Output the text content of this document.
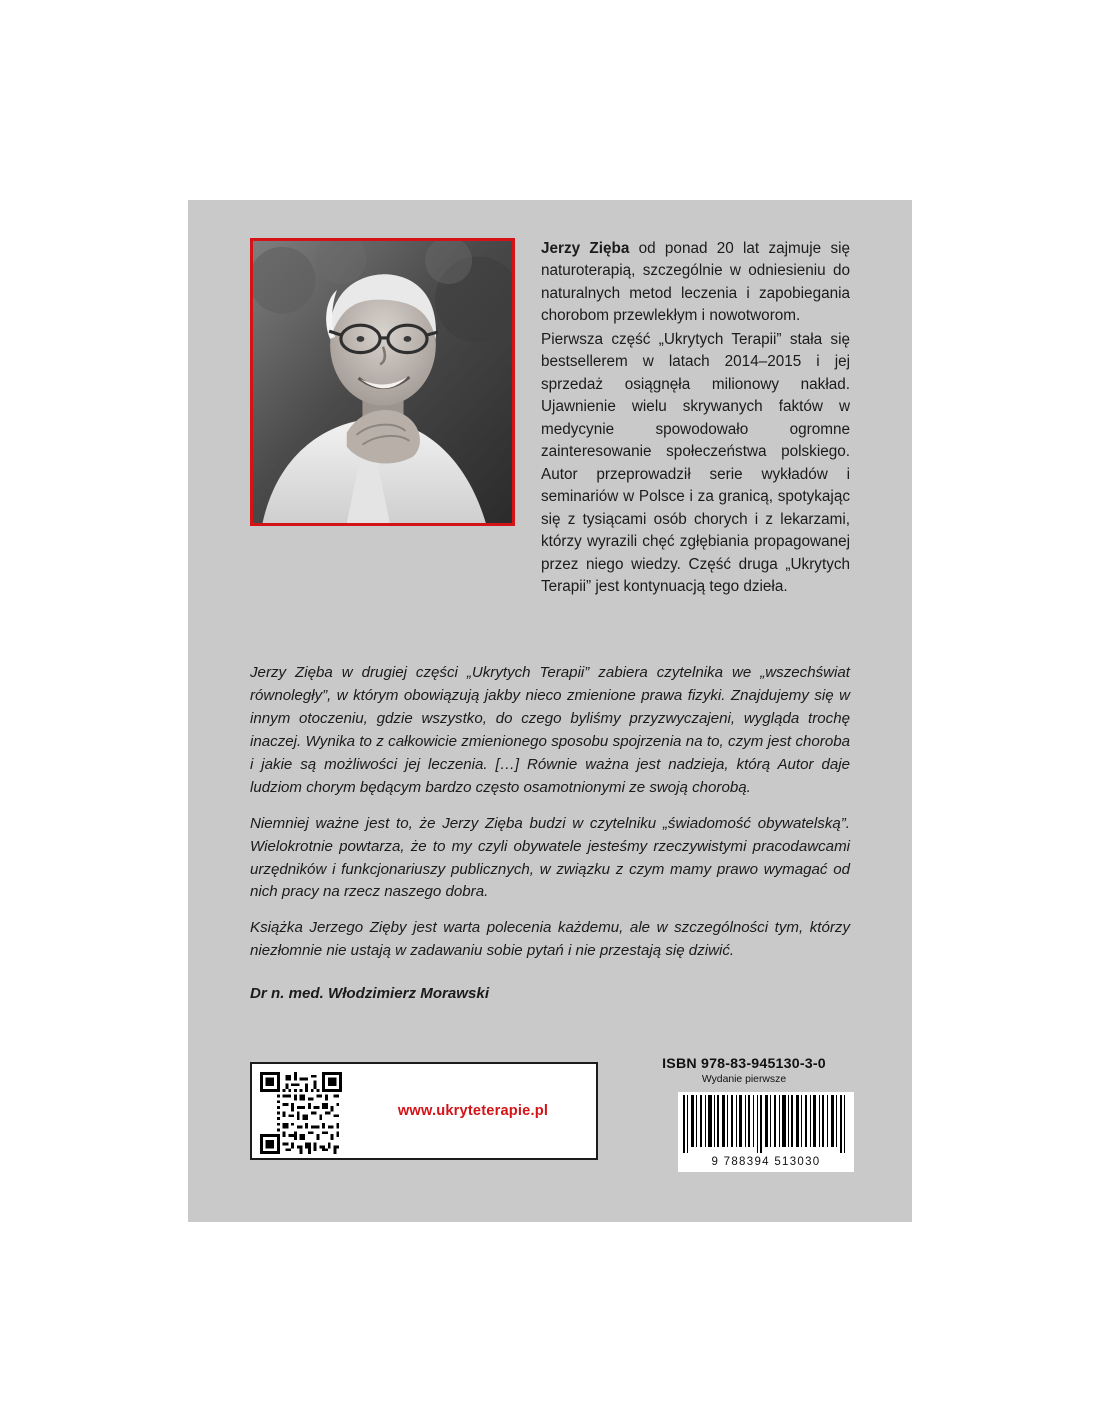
Jerzy Zięba od ponad 20 lat zajmuje się naturoterapią, szczególnie w odniesieniu do naturalnych metod leczenia i zapobiegania chorobom przewlekłym i nowotworom.

Pierwsza część „Ukrytych Terapii” stała się bestsellerem w latach 2014–2015 i jej sprzedaż osiągnęła milionowy nakład. Ujawnienie wielu skrywanych faktów w medycynie spowodowało ogromne zainteresowanie społeczeństwa polskiego. Autor przeprowadził serie wykładów i seminariów w Polsce i za granicą, spotykając się z tysiącami osób chorych i z lekarzami, którzy wyrazili chęć zgłębiania propagowanej przez niego wiedzy. Część druga „Ukrytych Terapii” jest kontynuacją tego dzieła.

Jerzy Zięba w drugiej części „Ukrytych Terapii” zabiera czytelnika we „wszechświat równoległy”, w którym obowiązują jakby nieco zmienione prawa fizyki. Znajdujemy się w innym otoczeniu, gdzie wszystko, do czego byliśmy przyzwyczajeni, wygląda trochę inaczej. Wynika to z całkowicie zmienionego sposobu spojrzenia na to, czym jest choroba i jakie są możliwości jej leczenia. […] Równie ważna jest nadzieja, którą Autor daje ludziom chorym będącym bardzo często osamotnionymi ze swoją chorobą.

Niemniej ważne jest to, że Jerzy Zięba budzi w czytelniku „świadomość obywatelską”. Wielokrotnie powtarza, że to my czyli obywatele jesteśmy rzeczywistymi pracodawcami urzędników i funkcjonariuszy publicznych, w związku z czym mamy prawo wymagać od nich pracy na rzecz naszego dobra.

Książka Jerzego Zięby jest warta polecenia każdemu, ale w szczególności tym, którzy niezłomnie nie ustają w zadawaniu sobie pytań i nie przestają się dziwić.

Dr n. med. Włodzimierz Morawski
www.ukryteterapie.pl
ISBN 978-83-945130-3-0
Wydanie pierwsze
9 788394 513030
